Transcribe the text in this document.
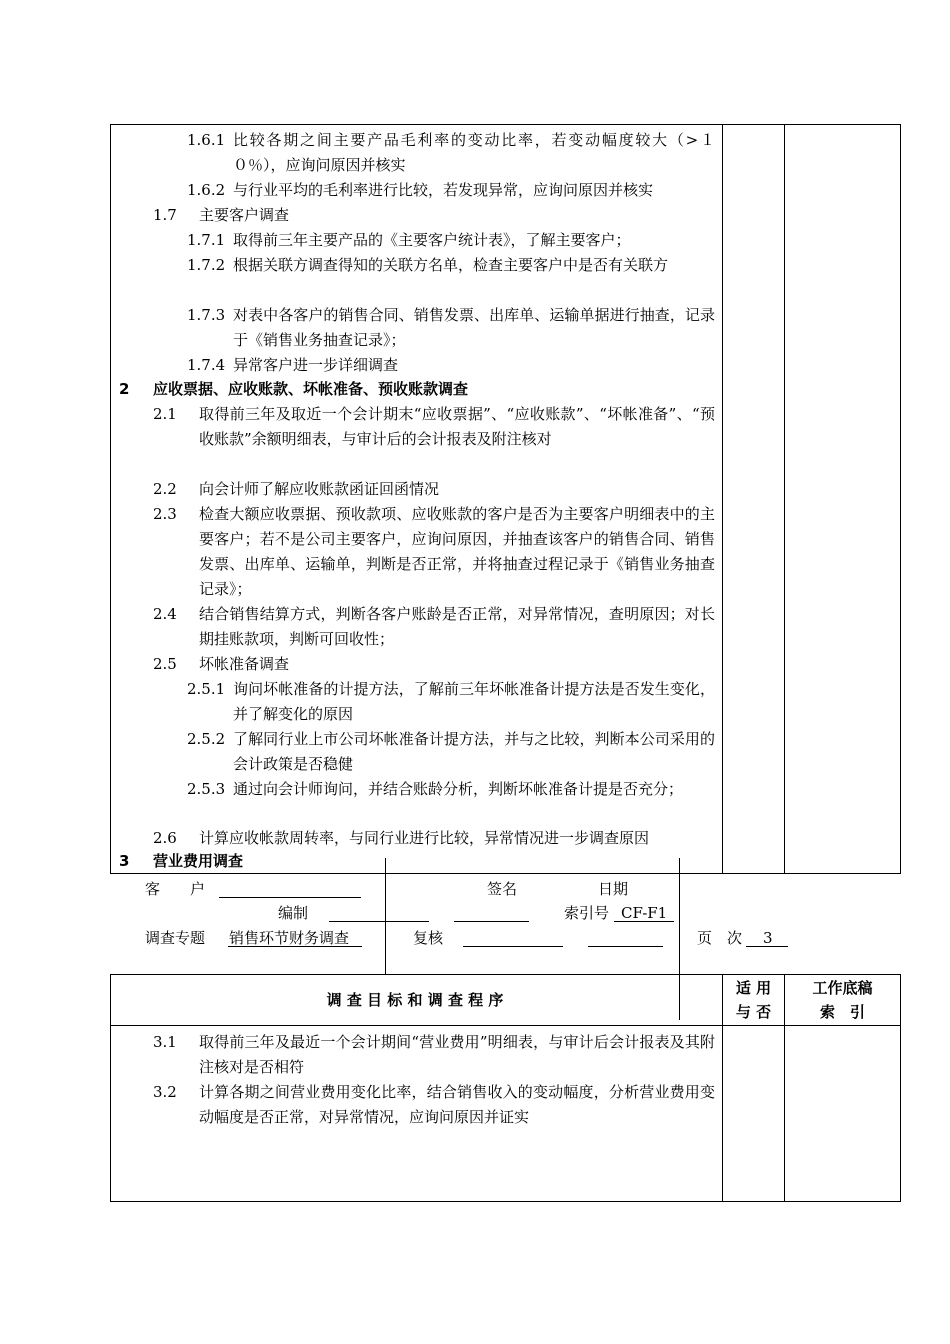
1.6.1 比较各期之间主要产品毛利率的变动比率，若变动幅度较大（>１０％），应询问原因并核实
1.6.2 与行业平均的毛利率进行比较，若发现异常，应询问原因并核实
1.7 主要客户调查
1.7.1 取得前三年主要产品的《主要客户统计表》，了解主要客户；
1.7.2 根据关联方调查得知的关联方名单，检查主要客户中是否有关联方
1.7.3 对表中各客户的销售合同、销售发票、出库单、运输单据进行抽查，记录于《销售业务抽查记录》；
1.7.4 异常客户进一步详细调查
2 应收票据、应收账款、坏帐准备、预收账款调查
2.1 取得前三年及取近一个会计期末“应收票据”、“应收账款”、“坏帐准备”、“预收账款”余额明细表，与审计后的会计报表及附注核对
2.2 向会计师了解应收账款函证回函情况
2.3 检查大额应收票据、预收款项、应收账款的客户是否为主要客户明细表中的主要客户；若不是公司主要客户，应询问原因，并抽查该客户的销售合同、销售发票、出库单、运输单，判断是否正常，并将抽查过程记录于《销售业务抽查记录》；
2.4 结合销售结算方式，判断各客户账龄是否正常，对异常情况，查明原因；对长期挂账款项，判断可回收性；
2.5 坏帐准备调查
2.5.1 询问坏帐准备的计提方法，了解前三年坏帐准备计提方法是否发生变化，并了解变化的原因
2.5.2 了解同行业上市公司坏帐准备计提方法，并与之比较，判断本公司采用的会计政策是否稳健
2.5.3 通过向会计师询问，并结合账龄分析，判断坏帐准备计提是否充分；
2.6 计算应收帐款周转率，与同行业进行比较，异常情况进一步调查原因
3 营业费用调查
客　　户	签名	日期
编制	索引号 CF-F1
调查专题 销售环节财务调查	复核	页　次 3
调 查 目 标 和 调 查 程 序
适 用
与 否
工作底稿
索　引
3.1 取得前三年及最近一个会计期间“营业费用”明细表，与审计后会计报表及其附注核对是否相符
3.2 计算各期之间营业费用变化比率，结合销售收入的变动幅度，分析营业费用变动幅度是否正常，对异常情况，应询问原因并证实
